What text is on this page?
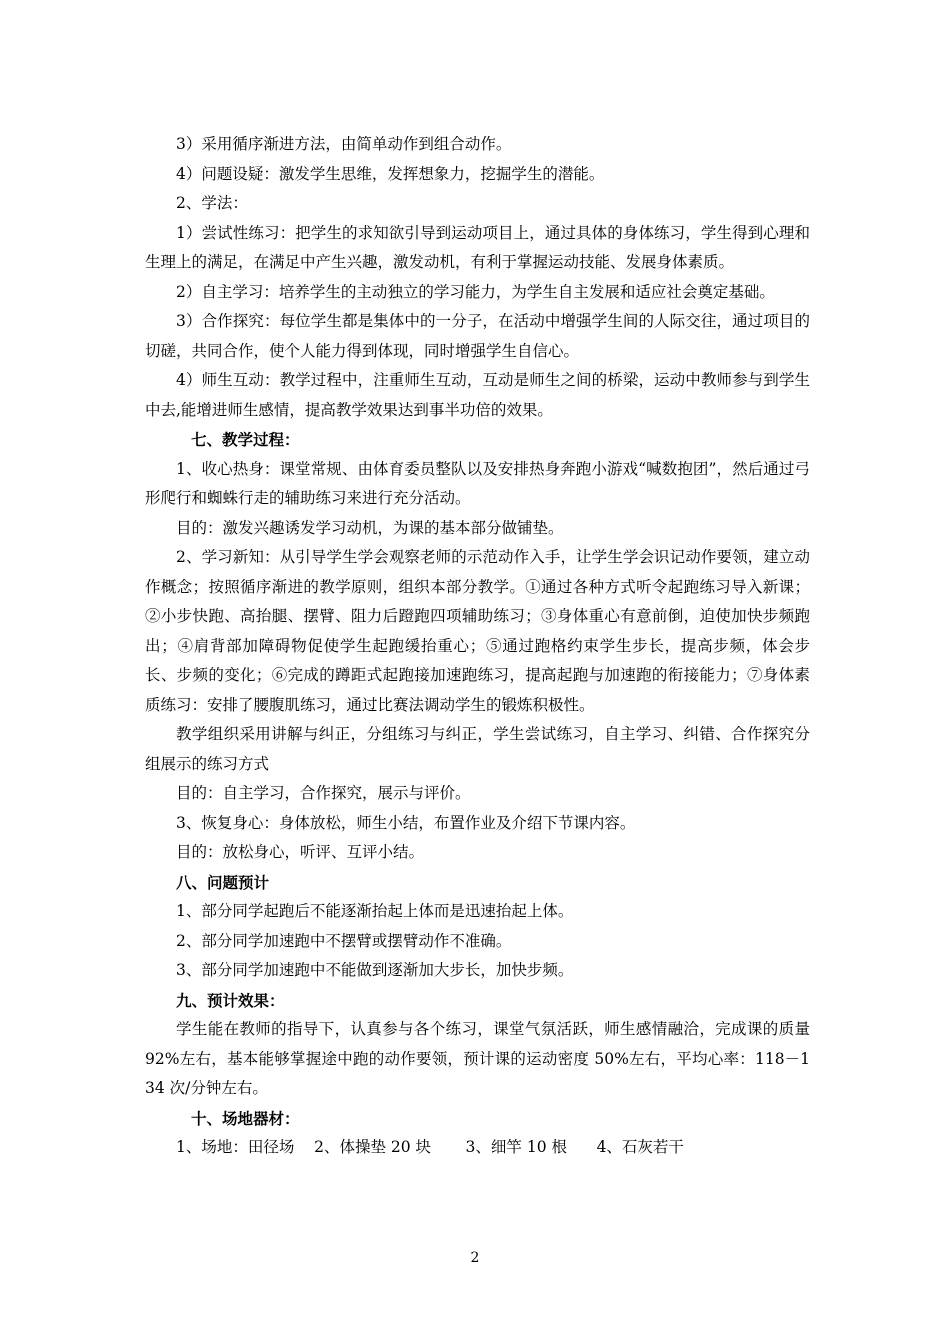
3）采用循序渐进方法，由简单动作到组合动作。

4）问题设疑：激发学生思维，发挥想象力，挖掘学生的潜能。

2、学法：

1）尝试性练习：把学生的求知欲引导到运动项目上，通过具体的身体练习，学生得到心理和生理上的满足，在满足中产生兴趣，激发动机，有利于掌握运动技能、发展身体素质。

2）自主学习：培养学生的主动独立的学习能力，为学生自主发展和适应社会奠定基础。

3）合作探究：每位学生都是集体中的一分子，在活动中增强学生间的人际交往，通过项目的切磋，共同合作，使个人能力得到体现，同时增强学生自信心。

4）师生互动：教学过程中，注重师生互动，互动是师生之间的桥梁，运动中教师参与到学生中去,能增进师生感情，提高教学效果达到事半功倍的效果。

七、教学过程：

1、收心热身：课堂常规、由体育委员整队以及安排热身奔跑小游戏“喊数抱团”，然后通过弓形爬行和蜘蛛行走的辅助练习来进行充分活动。

目的：激发兴趣诱发学习动机，为课的基本部分做铺垫。

2、学习新知：从引导学生学会观察老师的示范动作入手，让学生学会识记动作要领，建立动作概念；按照循序渐进的教学原则，组织本部分教学。①通过各种方式听令起跑练习导入新课；②小步快跑、高抬腿、摆臂、阻力后蹬跑四项辅助练习；③身体重心有意前倒，迫使加快步频跑出；④肩背部加障碍物促使学生起跑缓抬重心；⑤通过跑格约束学生步长，提高步频，体会步长、步频的变化；⑥完成的蹲距式起跑接加速跑练习，提高起跑与加速跑的衔接能力；⑦身体素质练习：安排了腰腹肌练习，通过比赛法调动学生的锻炼积极性。

教学组织采用讲解与纠正，分组练习与纠正，学生尝试练习，自主学习、纠错、合作探究分组展示的练习方式

目的：自主学习，合作探究，展示与评价。

3、恢复身心：身体放松，师生小结，布置作业及介绍下节课内容。

目的：放松身心，听评、互评小结。

八、问题预计

1、部分同学起跑后不能逐渐抬起上体而是迅速抬起上体。

2、部分同学加速跑中不摆臂或摆臂动作不准确。

3、部分同学加速跑中不能做到逐渐加大步长，加快步频。

九、预计效果：

学生能在教师的指导下，认真参与各个练习，课堂气氛活跃，师生感情融洽，完成课的质量 92%左右，基本能够掌握途中跑的动作要领，预计课的运动密度 50%左右，平均心率：118－134 次/分钟左右。

十、场地器材：

1、场地：田径场 2、体操垫 20 块 3、细竿 10 根 4、石灰若干

2
